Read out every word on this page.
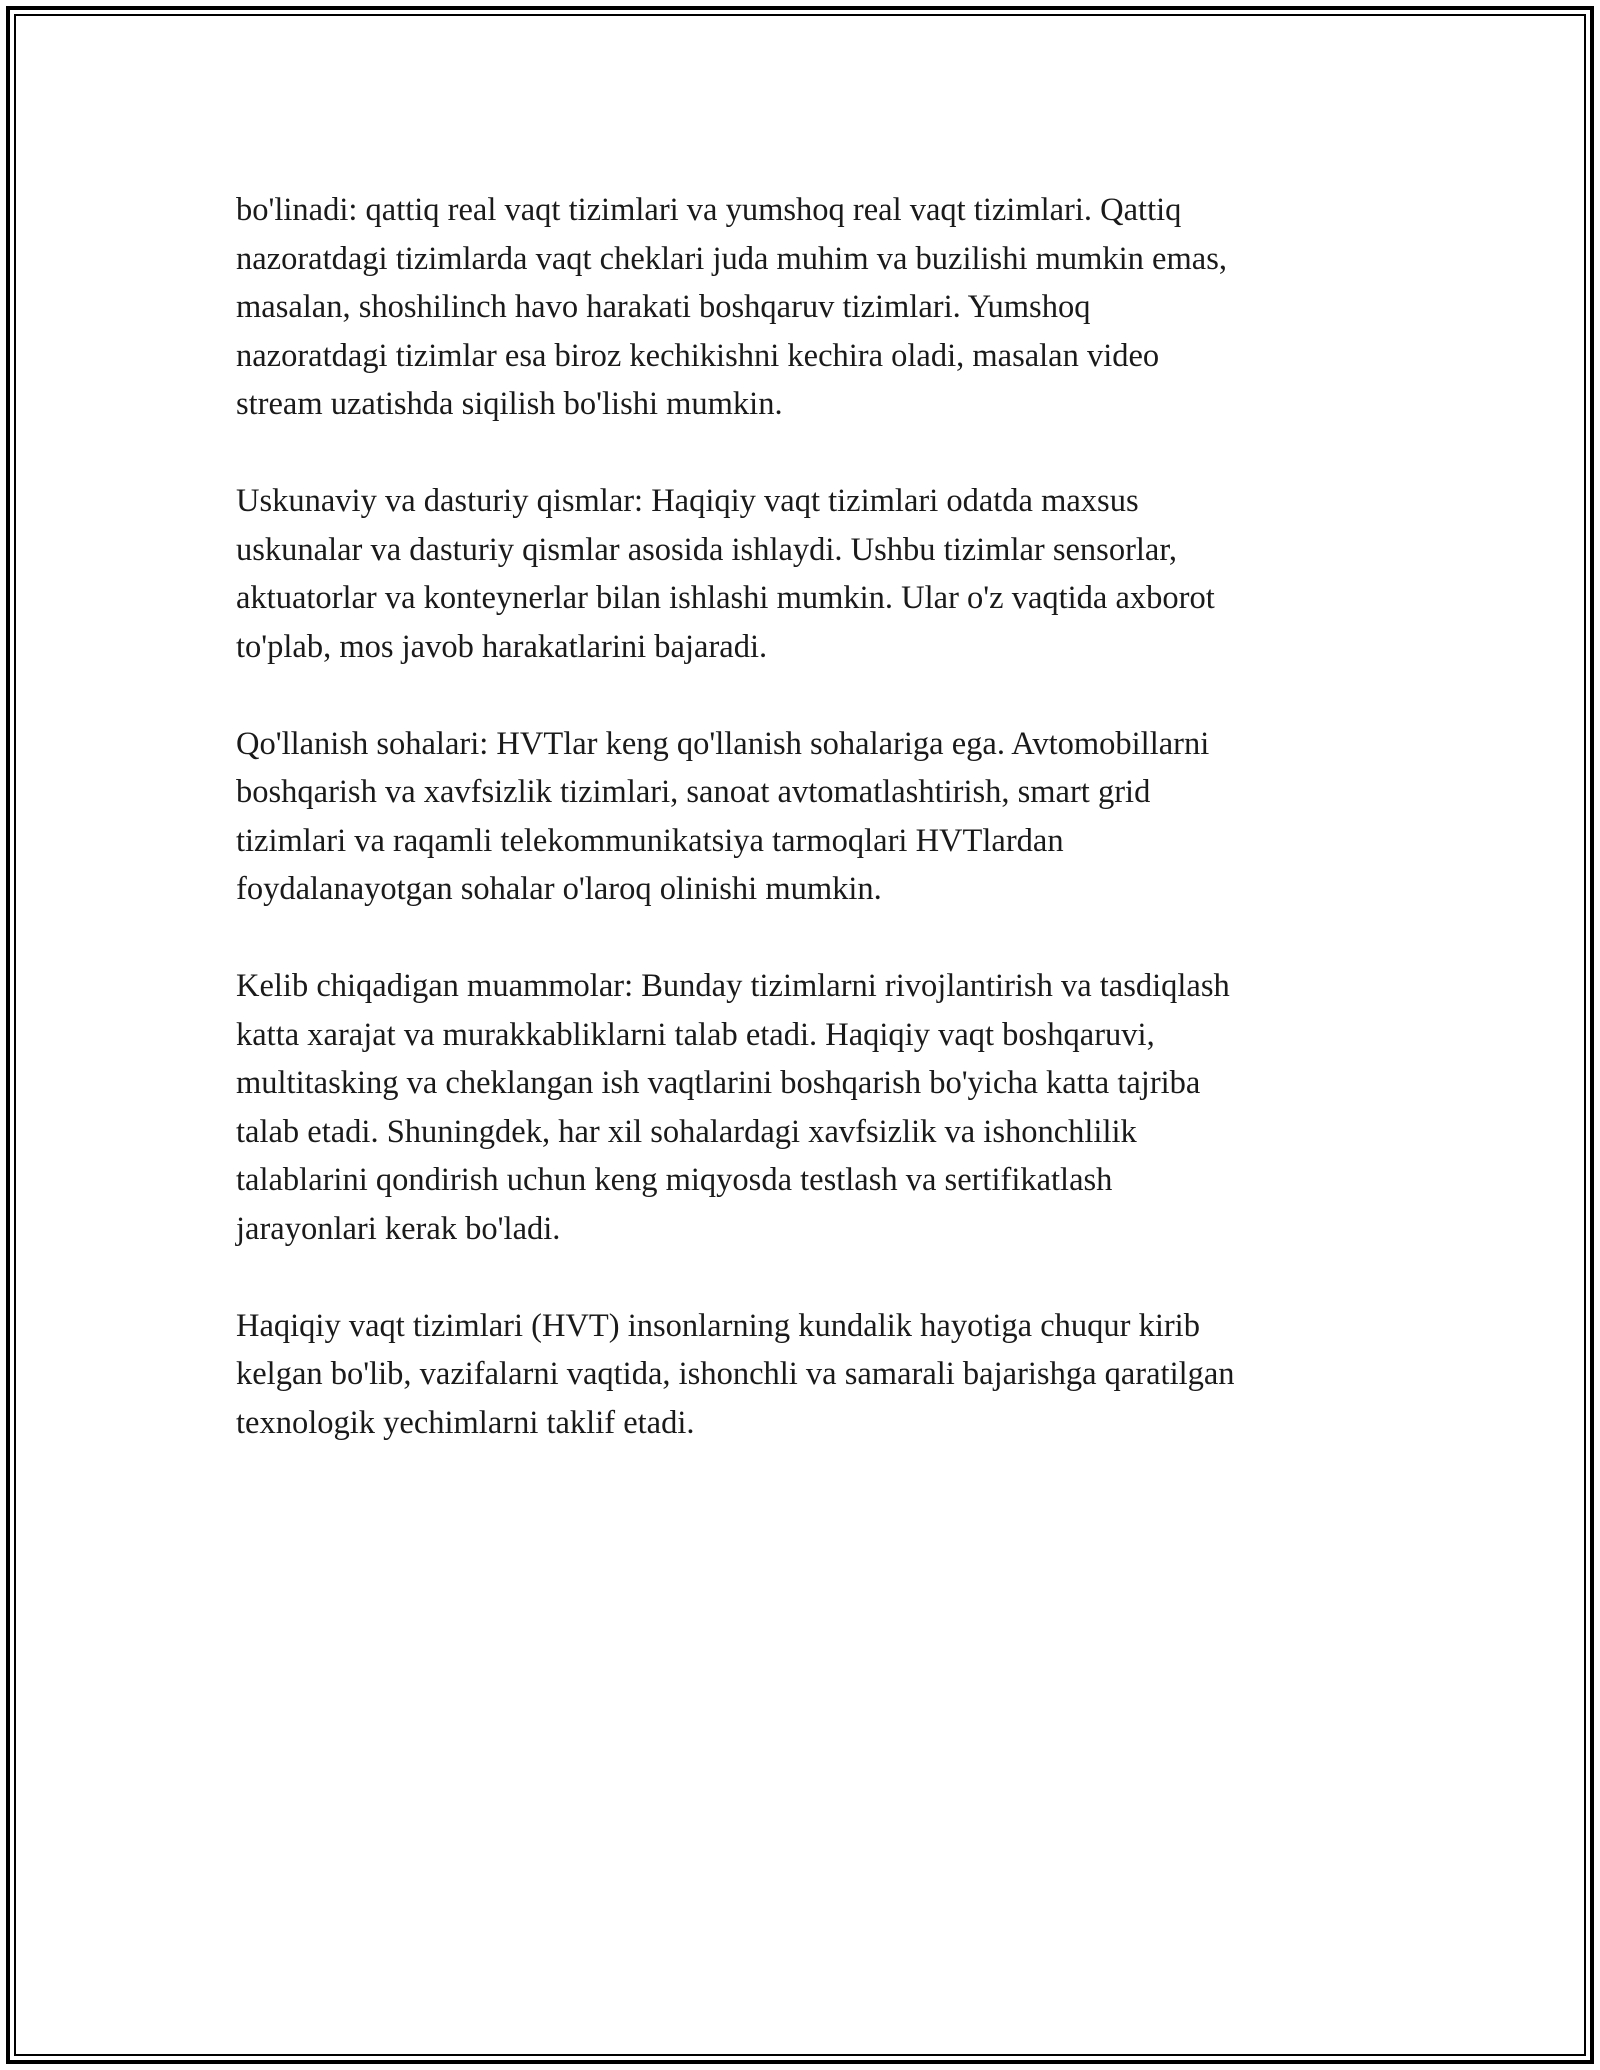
bo'linadi: qattiq real vaqt tizimlari va yumshoq real vaqt tizimlari. Qattiq
nazoratdagi tizimlarda vaqt cheklari juda muhim va buzilishi mumkin emas,
masalan, shoshilinch havo harakati boshqaruv tizimlari. Yumshoq
nazoratdagi tizimlar esa biroz kechikishni kechira oladi, masalan video
stream uzatishda siqilish bo'lishi mumkin.

Uskunaviy va dasturiy qismlar: Haqiqiy vaqt tizimlari odatda maxsus
uskunalar va dasturiy qismlar asosida ishlaydi. Ushbu tizimlar sensorlar,
aktuatorlar va konteynerlar bilan ishlashi mumkin. Ular o'z vaqtida axborot
to'plab, mos javob harakatlarini bajaradi.

Qo'llanish sohalari: HVTlar keng qo'llanish sohalariga ega. Avtomobillarni
boshqarish va xavfsizlik tizimlari, sanoat avtomatlashtirish, smart grid
tizimlari va raqamli telekommunikatsiya tarmoqlari HVTlardan
foydalanayotgan sohalar o'laroq olinishi mumkin.

Kelib chiqadigan muammolar: Bunday tizimlarni rivojlantirish va tasdiqlash
katta xarajat va murakkabliklarni talab etadi. Haqiqiy vaqt boshqaruvi,
multitasking va cheklangan ish vaqtlarini boshqarish bo'yicha katta tajriba
talab etadi. Shuningdek, har xil sohalardagi xavfsizlik va ishonchlilik
talablarini qondirish uchun keng miqyosda testlash va sertifikatlash
jarayonlari kerak bo'ladi.

Haqiqiy vaqt tizimlari (HVT) insonlarning kundalik hayotiga chuqur kirib
kelgan bo'lib, vazifalarni vaqtida, ishonchli va samarali bajarishga qaratilgan
texnologik yechimlarni taklif etadi.
